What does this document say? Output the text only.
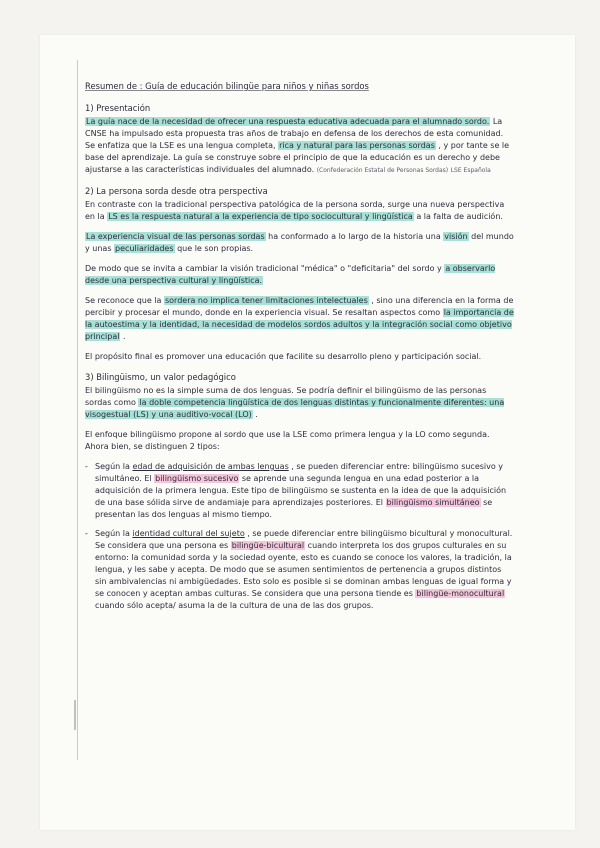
Resumen de : Guía de educación bilingüe para niños y niñas sordos
1) Presentación
La guía nace de la necesidad de ofrecer una respuesta educativa adecuada para el alumnado sordo. La CNSE ha impulsado esta propuesta tras años de trabajo en defensa de los derechos de esta comunidad. Se enfatiza que la LSE es una lengua completa, rica y natural para las personas sordas , y por tante se le base del aprendizaje. La guía se construye sobre el principio de que la educación es un derecho y debe ajustarse a las características individuales del alumnado. (Confederación Estatal de Personas Sordas) LSE Española
2) La persona sorda desde otra perspectiva
En contraste con la tradicional perspectiva patológica de la persona sorda, surge una nueva perspectiva en la LS es la respuesta natural a la experiencia de tipo sociocultural y lingüística a la falta de audición.
La experiencia visual de las personas sordas ha conformado a lo largo de la historia una visión del mundo y unas peculiaridades que le son propias.
De modo que se invita a cambiar la visión tradicional "médica" o "deficitaria" del sordo y a observarlo desde una perspectiva cultural y lingüística.
Se reconoce que la sordera no implica tener limitaciones intelectuales , sino una diferencia en la forma de percibir y procesar el mundo, donde en la experiencia visual. Se resaltan aspectos como la importancia de la autoestima y la identidad, la necesidad de modelos sordos adultos y la integración social como objetivo principal .
El propósito final es promover una educación que facilite su desarrollo pleno y participación social.
3) Bilingüismo, un valor pedagógico
El bilingüismo no es la simple suma de dos lenguas. Se podría definir el bilingüismo de las personas sordas como la doble competencia lingüística de dos lenguas distintas y funcionalmente diferentes: una visogestual (LS) y una auditivo-vocal (LO) .
El enfoque bilingüismo propone al sordo que use la LSE como primera lengua y la LO como segunda. Ahora bien, se distinguen 2 tipos:
- Según la edad de adquisición de ambas lenguas , se pueden diferenciar entre: bilingüismo sucesivo y simultáneo. El bilingüismo sucesivo se aprende una segunda lengua en una edad posterior a la adquisición de la primera lengua. Este tipo de bilingüismo se sustenta en la idea de que la adquisición de una base sólida sirve de andamiaje para aprendizajes posteriores. El bilingüismo simultáneo se presentan las dos lenguas al mismo tiempo.
- Según la identidad cultural del sujeto , se puede diferenciar entre bilingüismo bicultural y monocultural. Se considera que una persona es bilingüe-bicultural cuando interpreta los dos grupos culturales en su entorno: la comunidad sorda y la sociedad oyente, esto es cuando se conoce los valores, la tradición, la lengua, y les sabe y acepta. De modo que se asumen sentimientos de pertenencia a grupos distintos sin ambivalencias ni ambigüedades. Esto solo es posible si se dominan ambas lenguas de igual forma y se conocen y aceptan ambas culturas. Se considera que una persona tiende es bilingüe-monocultural cuando sólo acepta/ asuma la de la cultura de una de las dos grupos.
